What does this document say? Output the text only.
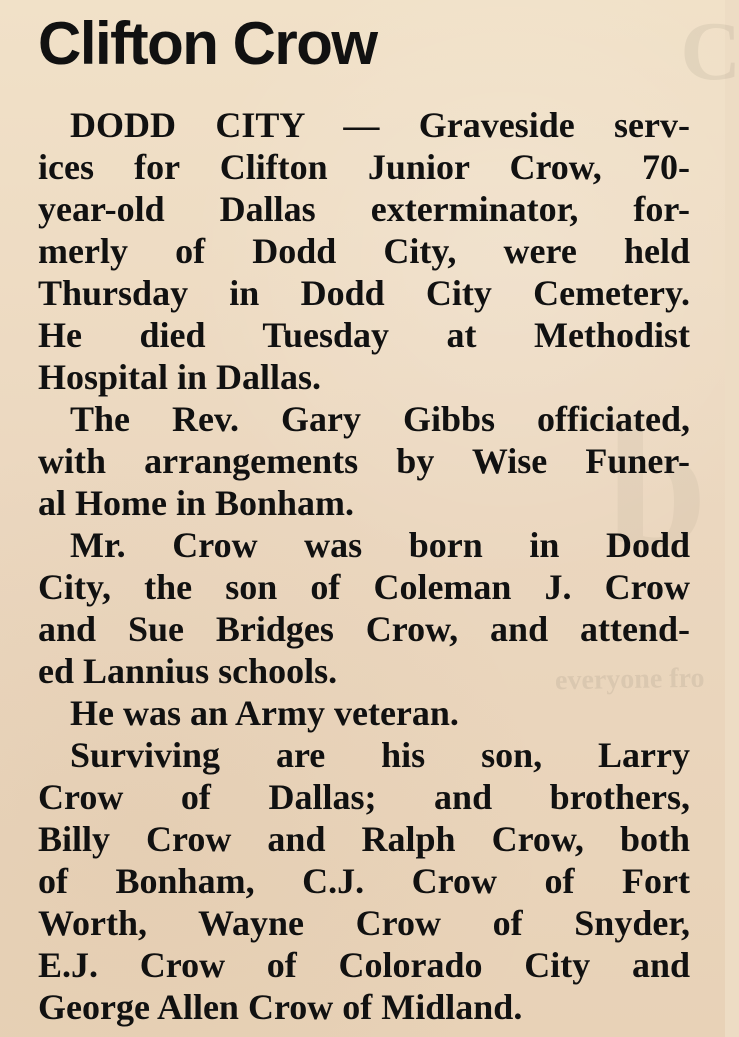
C
everyone fro
Clifton Crow
DODD CITY — Graveside serv-
ices for Clifton Junior Crow, 70-
year-old Dallas exterminator, for-
merly of Dodd City, were held
Thursday in Dodd City Cemetery.
He died Tuesday at Methodist
Hospital in Dallas.
The Rev. Gary Gibbs officiated,
with arrangements by Wise Funer-
al Home in Bonham.
Mr. Crow was born in Dodd
City, the son of Coleman J. Crow
and Sue Bridges Crow, and attend-
ed Lannius schools.
He was an Army veteran.
Surviving are his son, Larry
Crow of Dallas; and brothers,
Billy Crow and Ralph Crow, both
of Bonham, C.J. Crow of Fort
Worth, Wayne Crow of Snyder,
E.J. Crow of Colorado City and
George Allen Crow of Midland.
